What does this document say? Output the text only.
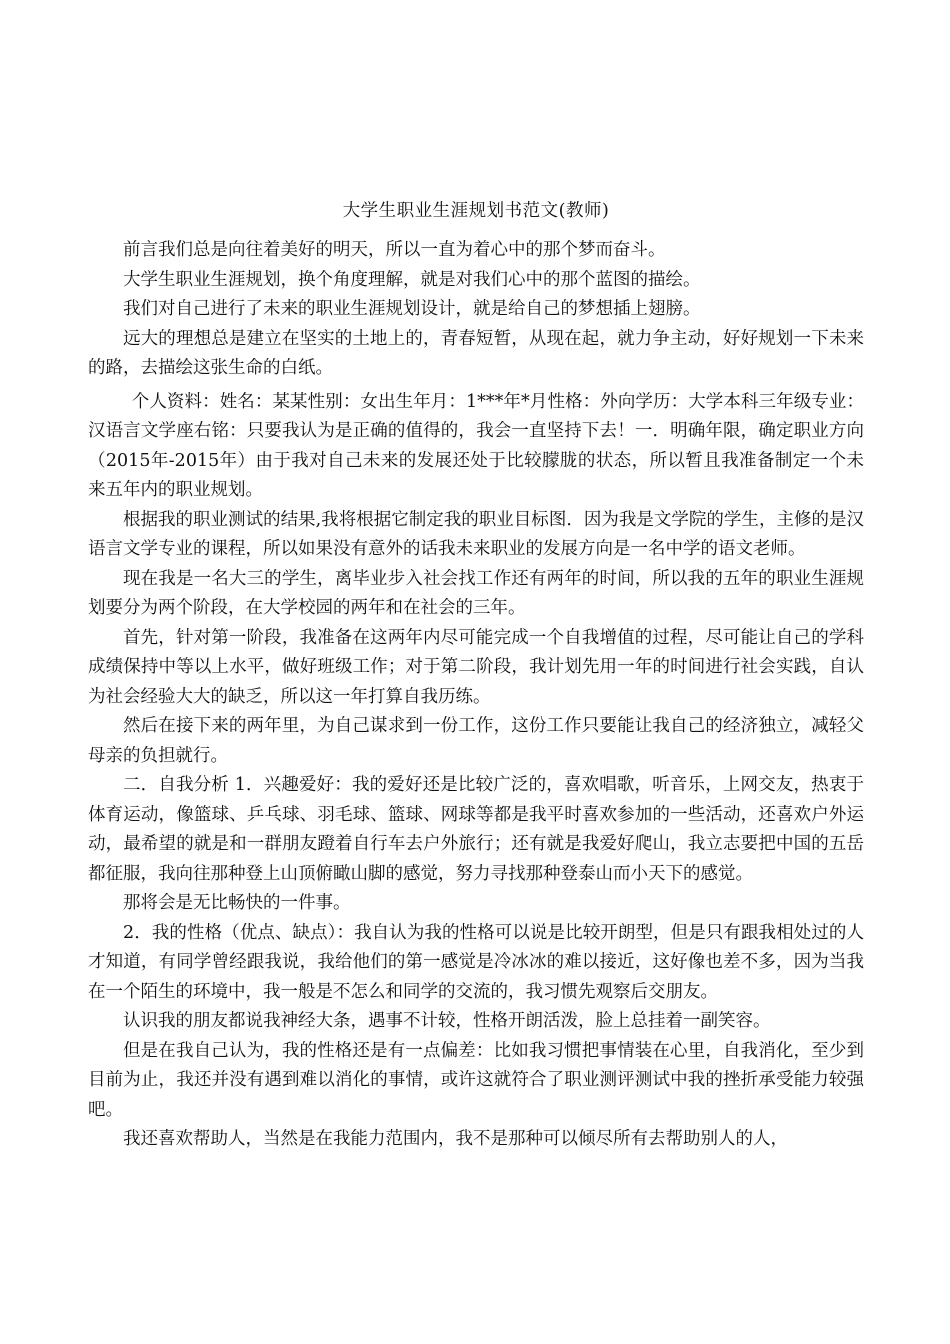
大学生职业生涯规划书范文(教师)

前言我们总是向往着美好的明天，所以一直为着心中的那个梦而奋斗。

大学生职业生涯规划，换个角度理解，就是对我们心中的那个蓝图的描绘。

我们对自己进行了未来的职业生涯规划设计，就是给自己的梦想插上翅膀。

远大的理想总是建立在坚实的土地上的，青春短暂，从现在起，就力争主动，好好规划一下未来的路，去描绘这张生命的白纸。

个人资料：姓名：某某性别：女出生年月：1***年*月性格：外向学历：大学本科三年级专业：汉语言文学座右铭：只要我认为是正确的值得的，我会一直坚持下去！一．明确年限，确定职业方向（2015年-2015年）由于我对自己未来的发展还处于比较朦胧的状态，所以暂且我准备制定一个未来五年内的职业规划。

根据我的职业测试的结果,我将根据它制定我的职业目标图．因为我是文学院的学生，主修的是汉语言文学专业的课程，所以如果没有意外的话我未来职业的发展方向是一名中学的语文老师。

现在我是一名大三的学生，离毕业步入社会找工作还有两年的时间，所以我的五年的职业生涯规划要分为两个阶段，在大学校园的两年和在社会的三年。

首先，针对第一阶段，我准备在这两年内尽可能完成一个自我增值的过程，尽可能让自己的学科成绩保持中等以上水平，做好班级工作；对于第二阶段，我计划先用一年的时间进行社会实践，自认为社会经验大大的缺乏，所以这一年打算自我历练。

然后在接下来的两年里，为自己谋求到一份工作，这份工作只要能让我自己的经济独立，减轻父母亲的负担就行。

二．自我分析 1．兴趣爱好：我的爱好还是比较广泛的，喜欢唱歌，听音乐，上网交友，热衷于体育运动，像篮球、乒乓球、羽毛球、篮球、网球等都是我平时喜欢参加的一些活动，还喜欢户外运动，最希望的就是和一群朋友蹬着自行车去户外旅行；还有就是我爱好爬山，我立志要把中国的五岳都征服，我向往那种登上山顶俯瞰山脚的感觉，努力寻找那种登泰山而小天下的感觉。

那将会是无比畅快的一件事。

2．我的性格（优点、缺点）：我自认为我的性格可以说是比较开朗型，但是只有跟我相处过的人才知道，有同学曾经跟我说，我给他们的第一感觉是冷冰冰的难以接近，这好像也差不多，因为当我在一个陌生的环境中，我一般是不怎么和同学的交流的，我习惯先观察后交朋友。

认识我的朋友都说我神经大条，遇事不计较，性格开朗活泼，脸上总挂着一副笑容。

但是在我自己认为，我的性格还是有一点偏差：比如我习惯把事情装在心里，自我消化，至少到目前为止，我还并没有遇到难以消化的事情，或许这就符合了职业测评测试中我的挫折承受能力较强吧。

我还喜欢帮助人，当然是在我能力范围内，我不是那种可以倾尽所有去帮助别人的人，
